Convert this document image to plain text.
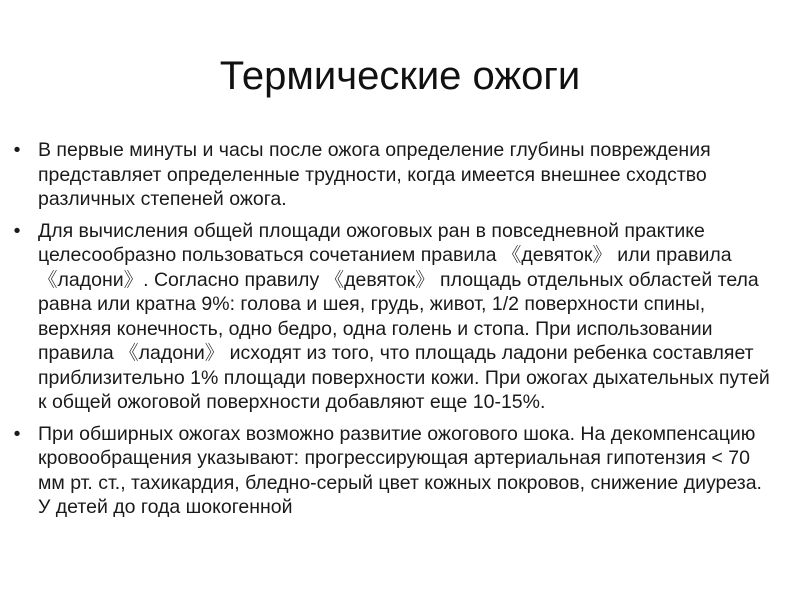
Термические ожоги
• В первые минуты и часы после ожога определение глубины повреждения представляет определенные трудности, когда имеется внешнее сходство различных степеней ожога.
• Для вычисления общей площади ожоговых ран в повседневной практике целесообразно пользоваться сочетанием правила 《девяток》 или правила 《ладони》. Согласно правилу 《девяток》 площадь отдельных областей тела равна или кратна 9%: голова и шея, грудь, живот, 1/2 поверхности спины, верхняя конечность, одно бедро, одна голень и стопа. При использовании правила 《ладони》 исходят из того, что площадь ладони ребенка составляет приблизительно 1% площади поверхности кожи. При ожогах дыхательных путей к общей ожоговой поверхности добавляют еще 10-15%.
• При обширных ожогах возможно развитие ожогового шока. На декомпенсацию кровообращения указывают: прогрессирующая артериальная гипотензия < 70 мм рт. ст., тахикардия, бледно-серый цвет кожных покровов, снижение диуреза. У детей до года шокогенной
